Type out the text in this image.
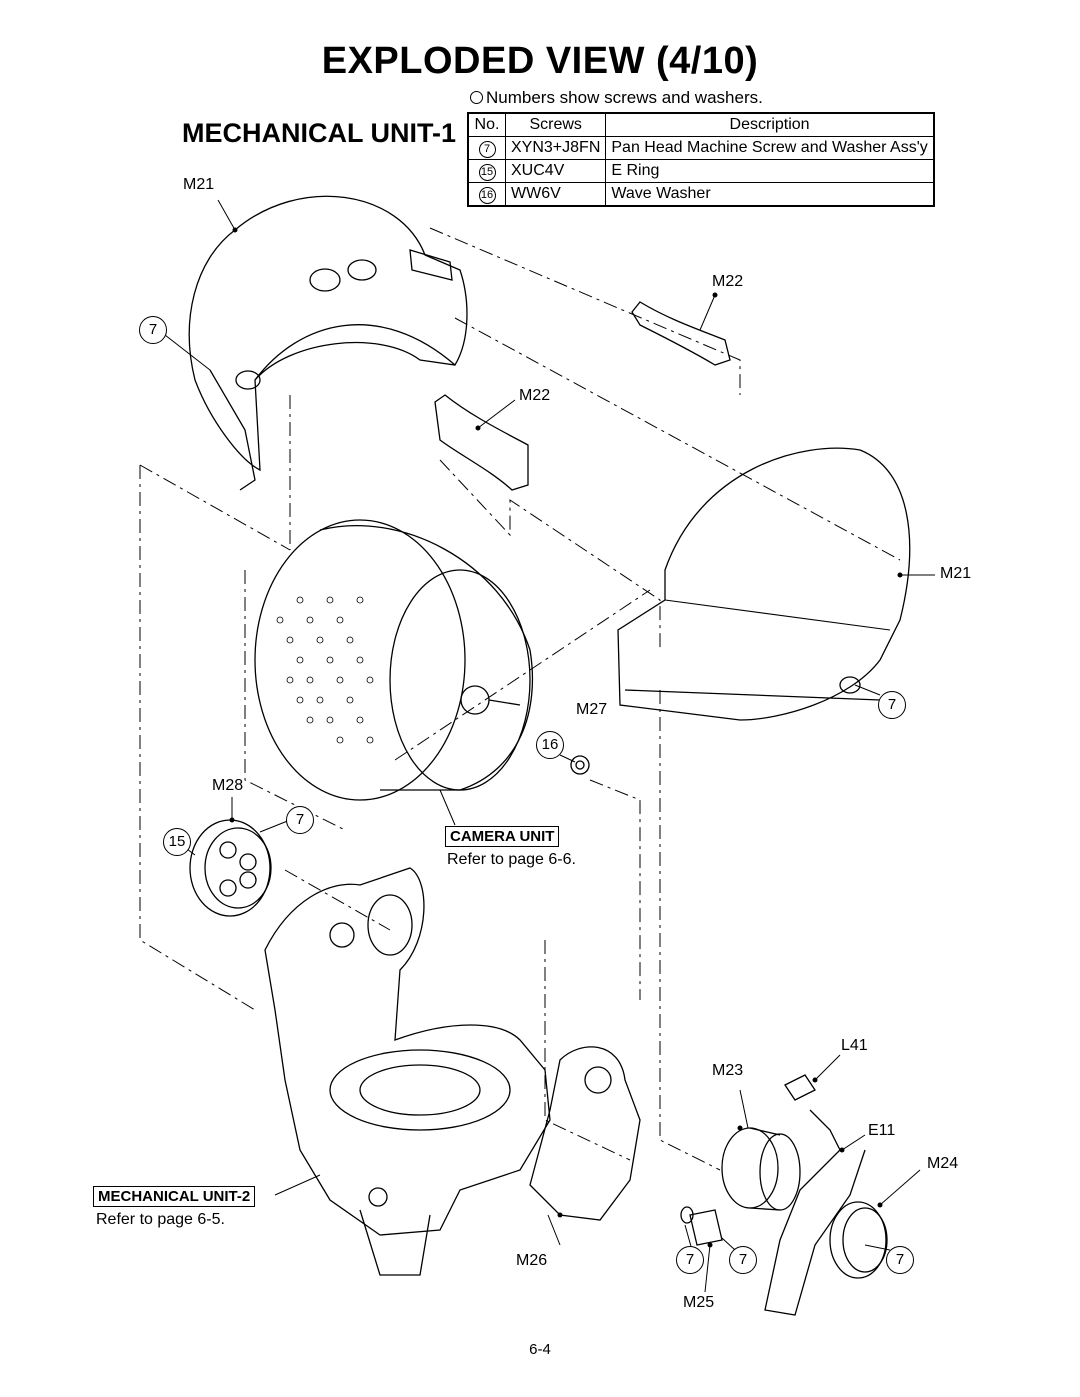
EXPLODED VIEW (4/10)
Numbers show screws and washers.
MECHANICAL UNIT-1 No.	Screws	Description
7	XYN3+J8FN	Pan Head Machine Screw and Washer Ass'y
15	XUC4V	E Ring
16	WW6V	Wave Washer
M21
M22
M22
M21
M27
M28
L41
M23
E11
M24
M26
M25
7
7
16
7
15
7	7	7
CAMERA UNIT
Refer to page 6-6.
MECHANICAL UNIT-2
Refer to page 6-5.
6-4
